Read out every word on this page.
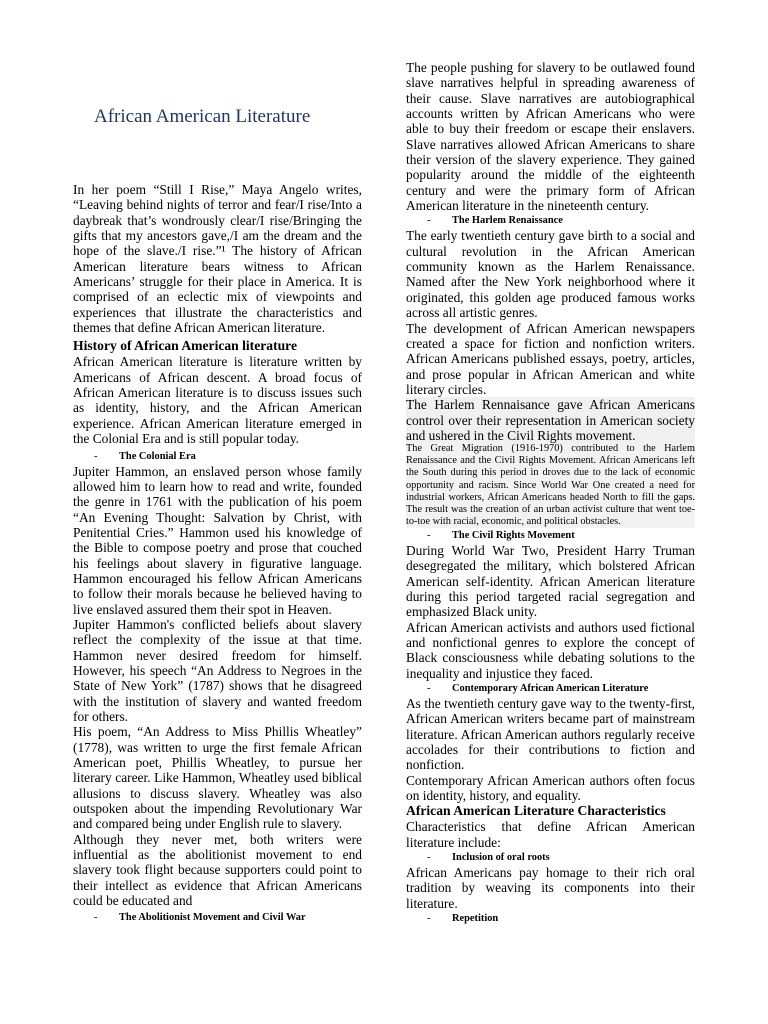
African American Literature

In her poem “Still I Rise,” Maya Angelo writes, “Leaving behind nights of terror and fear/I rise/Into a daybreak that’s wondrously clear/I rise/Bringing the gifts that my ancestors gave,/I am the dream and the hope of the slave./I rise.”¹ The history of African American literature bears witness to African Americans’ struggle for their place in America. It is comprised of an eclectic mix of viewpoints and experiences that illustrate the characteristics and themes that define African American literature.

History of African American literature

African American literature is literature written by Americans of African descent. A broad focus of African American literature is to discuss issues such as identity, history, and the African American experience. African American literature emerged in the Colonial Era and is still popular today.

- The Colonial Era

Jupiter Hammon, an enslaved person whose family allowed him to learn how to read and write, founded the genre in 1761 with the publication of his poem “An Evening Thought: Salvation by Christ, with Penitential Cries.” Hammon used his knowledge of the Bible to compose poetry and prose that couched his feelings about slavery in figurative language. Hammon encouraged his fellow African Americans to follow their morals because he believed having to live enslaved assured them their spot in Heaven.

Jupiter Hammon's conflicted beliefs about slavery reflect the complexity of the issue at that time. Hammon never desired freedom for himself. However, his speech “An Address to Negroes in the State of New York” (1787) shows that he disagreed with the institution of slavery and wanted freedom for others.

His poem, “An Address to Miss Phillis Wheatley” (1778), was written to urge the first female African American poet, Phillis Wheatley, to pursue her literary career. Like Hammon, Wheatley used biblical allusions to discuss slavery. Wheatley was also outspoken about the impending Revolutionary War and compared being under English rule to slavery.

Although they never met, both writers were influential as the abolitionist movement to end slavery took flight because supporters could point to their intellect as evidence that African Americans could be educated and

- The Abolitionist Movement and Civil War

The people pushing for slavery to be outlawed found slave narratives helpful in spreading awareness of their cause. Slave narratives are autobiographical accounts written by African Americans who were able to buy their freedom or escape their enslavers. Slave narratives allowed African Americans to share their version of the slavery experience. They gained popularity around the middle of the eighteenth century and were the primary form of African American literature in the nineteenth century.

- The Harlem Renaissance

The early twentieth century gave birth to a social and cultural revolution in the African American community known as the Harlem Renaissance. Named after the New York neighborhood where it originated, this golden age produced famous works across all artistic genres.

The development of African American newspapers created a space for fiction and nonfiction writers. African Americans published essays, poetry, articles, and prose popular in African American and white literary circles.

The Harlem Rennaisance gave African Americans control over their representation in American society and ushered in the Civil Rights movement.

The Great Migration (1916-1970) contributed to the Harlem Renaissance and the Civil Rights Movement. African Americans left the South during this period in droves due to the lack of economic opportunity and racism. Since World War One created a need for industrial workers, African Americans headed North to fill the gaps. The result was the creation of an urban activist culture that went toe-to-toe with racial, economic, and political obstacles.

- The Civil Rights Movement

During World War Two, President Harry Truman desegregated the military, which bolstered African American self-identity. African American literature during this period targeted racial segregation and emphasized Black unity.

African American activists and authors used fictional and nonfictional genres to explore the concept of Black consciousness while debating solutions to the inequality and injustice they faced.

- Contemporary African American Literature

As the twentieth century gave way to the twenty-first, African American writers became part of mainstream literature. African American authors regularly receive accolades for their contributions to fiction and nonfiction.

Contemporary African American authors often focus on identity, history, and equality.

African American Literature Characteristics

Characteristics that define African American literature include:

- Inclusion of oral roots

African Americans pay homage to their rich oral tradition by weaving its components into their literature.

- Repetition
